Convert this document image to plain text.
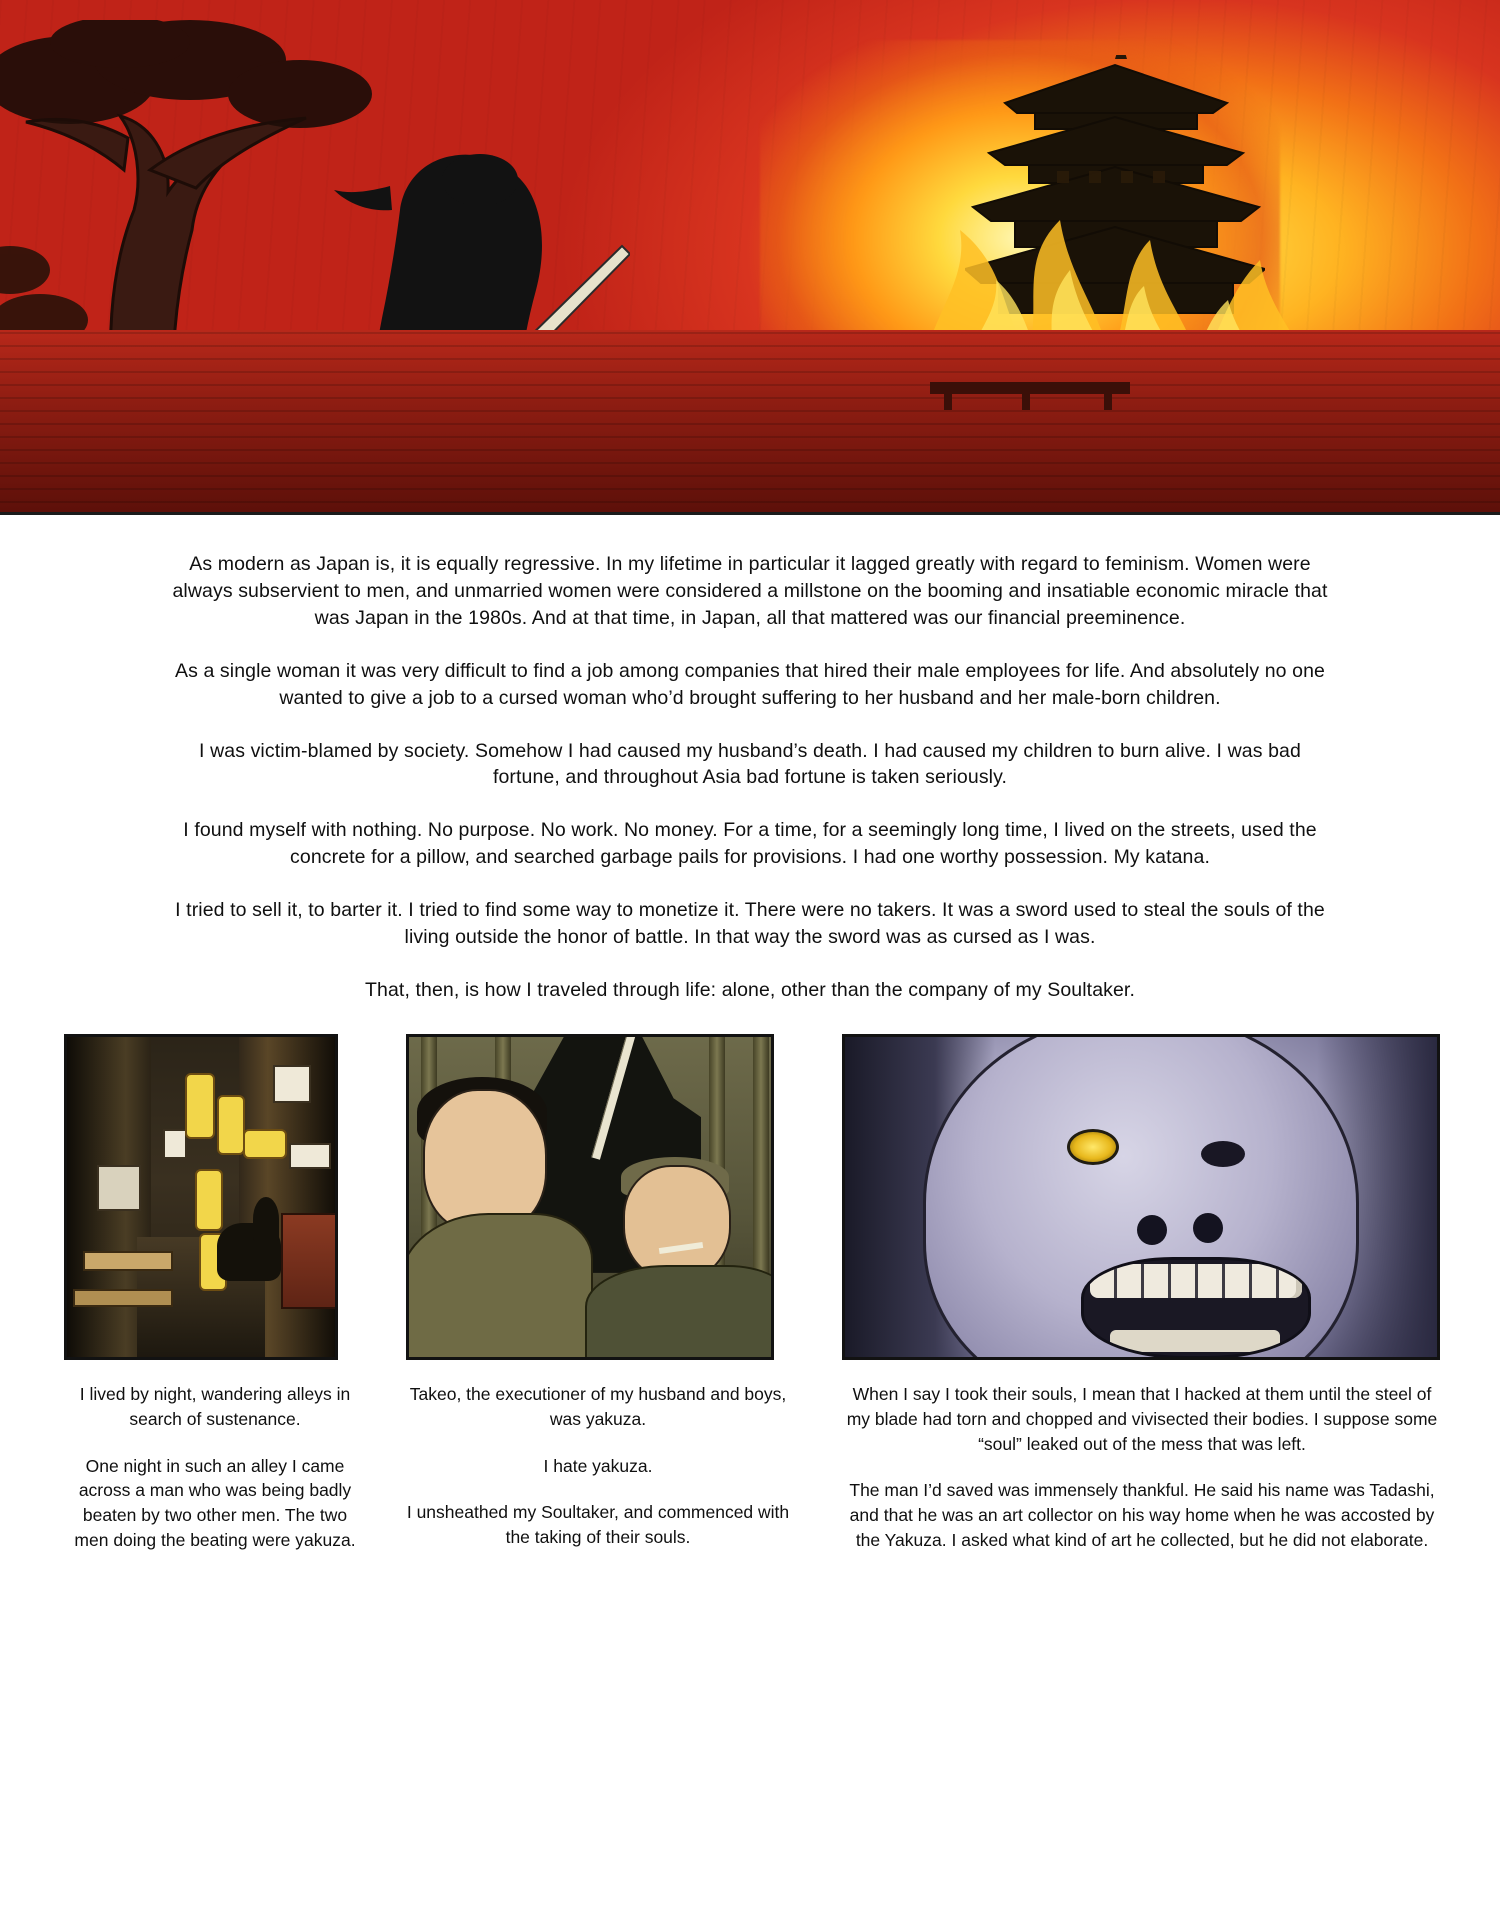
As modern as Japan is, it is equally regressive. In my lifetime in particular it lagged greatly with regard to feminism. Women were always subservient to men, and unmarried women were considered a millstone on the booming and insatiable economic miracle that was Japan in the 1980s. And at that time, in Japan, all that mattered was our financial preeminence.

As a single woman it was very difficult to find a job among companies that hired their male employees for life. And absolutely no one wanted to give a job to a cursed woman who’d brought suffering to her husband and her male-born children.

I was victim-blamed by society. Somehow I had caused my husband’s death. I had caused my children to burn alive. I was bad fortune, and throughout Asia bad fortune is taken seriously.

I found myself with nothing. No purpose. No work. No money. For a time, for a seemingly long time, I lived on the streets, used the concrete for a pillow, and searched garbage pails for provisions. I had one worthy possession. My katana.

I tried to sell it, to barter it. I tried to find some way to monetize it. There were no takers. It was a sword used to steal the souls of the living outside the honor of battle. In that way the sword was as cursed as I was.

That, then, is how I traveled through life: alone, other than the company of my Soultaker.

I lived by night, wandering alleys in search of sustenance.

One night in such an alley I came across a man who was being badly beaten by two other men. The two men doing the beating were yakuza.

Takeo, the executioner of my husband and boys, was yakuza.

I hate yakuza.

I unsheathed my Soultaker, and commenced with the taking of their souls.

When I say I took their souls, I mean that I hacked at them until the steel of my blade had torn and chopped and vivisected their bodies. I suppose some “soul” leaked out of the mess that was left.

The man I’d saved was immensely thankful. He said his name was Tadashi, and that he was an art collector on his way home when he was accosted by the Yakuza. I asked what kind of art he collected, but he did not elaborate.
